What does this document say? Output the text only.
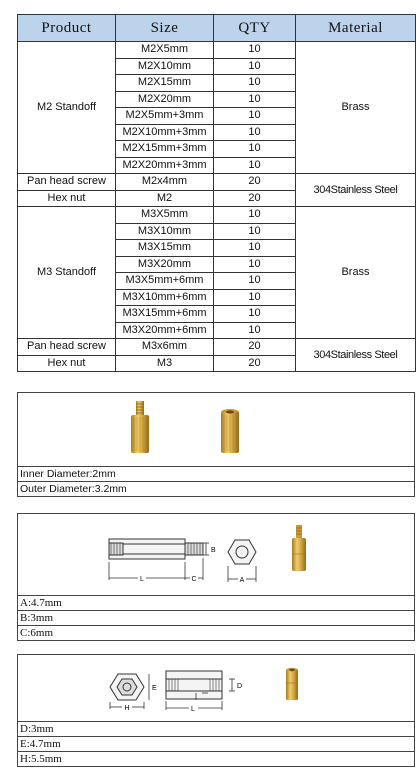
Product	Size	QTY	Material
M2 Standoff	M2X5mm	10	Brass
	M2X10mm	10	
	M2X15mm	10	
	M2X20mm	10	
	M2X5mm+3mm	10	
	M2X10mm+3mm	10	
	M2X15mm+3mm	10	
	M2X20mm+3mm	10	
Pan head screw	M2x4mm	20	304Stainless Steel
Hex nut	M2	20	
M3 Standoff	M3X5mm	10	Brass
	M3X10mm	10	
	M3X15mm	10	
	M3X20mm	10	
	M3X5mm+6mm	10	
	M3X10mm+6mm	10	
	M3X15mm+6mm	10	
	M3X20mm+6mm	10	
Pan head screw	M3x6mm	20	304Stainless Steel
Hex nut	M3	20	
Inner Diameter:2mm
Outer Diameter:3.2mm
L	C
B
A
A:4.7mm
B:3mm
C:6mm
H
E
L
D
D:3mm
E:4.7mm
H:5.5mm
